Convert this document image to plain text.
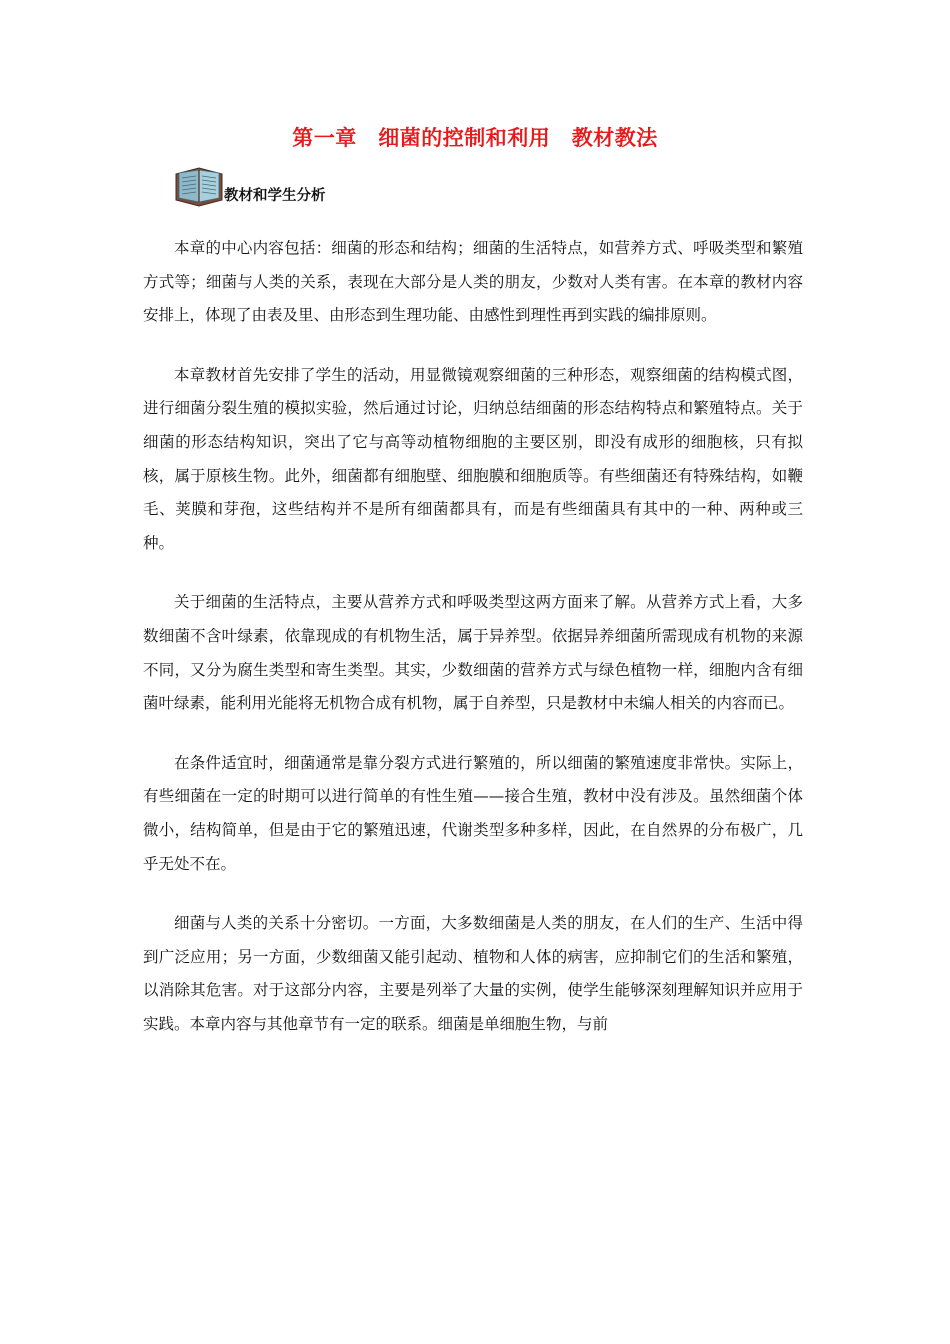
第一章　细菌的控制和利用　教材教法
教材和学生分析

本章的中心内容包括：细菌的形态和结构；细菌的生活特点，如营养方式、呼吸类型和繁殖方式等；细菌与人类的关系，表现在大部分是人类的朋友，少数对人类有害。在本章的教材内容安排上，体现了由表及里、由形态到生理功能、由感性到理性再到实践的编排原则。

本章教材首先安排了学生的活动，用显微镜观察细菌的三种形态，观察细菌的结构模式图，进行细菌分裂生殖的模拟实验，然后通过讨论，归纳总结细菌的形态结构特点和繁殖特点。关于细菌的形态结构知识，突出了它与高等动植物细胞的主要区别，即没有成形的细胞核，只有拟核，属于原核生物。此外，细菌都有细胞壁、细胞膜和细胞质等。有些细菌还有特殊结构，如鞭毛、荚膜和芽孢，这些结构并不是所有细菌都具有，而是有些细菌具有其中的一种、两种或三种。

关于细菌的生活特点，主要从营养方式和呼吸类型这两方面来了解。从营养方式上看，大多数细菌不含叶绿素，依靠现成的有机物生活，属于异养型。依据异养细菌所需现成有机物的来源不同，又分为腐生类型和寄生类型。其实，少数细菌的营养方式与绿色植物一样，细胞内含有细菌叶绿素，能利用光能将无机物合成有机物，属于自养型，只是教材中未编人相关的内容而已。

在条件适宜时，细菌通常是靠分裂方式进行繁殖的，所以细菌的繁殖速度非常快。实际上，有些细菌在一定的时期可以进行简单的有性生殖——接合生殖，教材中没有涉及。虽然细菌个体微小，结构简单，但是由于它的繁殖迅速，代谢类型多种多样，因此，在自然界的分布极广，几乎无处不在。

细菌与人类的关系十分密切。一方面，大多数细菌是人类的朋友，在人们的生产、生活中得到广泛应用；另一方面，少数细菌又能引起动、植物和人体的病害，应抑制它们的生活和繁殖，以消除其危害。对于这部分内容，主要是列举了大量的实例，使学生能够深刻理解知识并应用于实践。本章内容与其他章节有一定的联系。细菌是单细胞生物，与前
